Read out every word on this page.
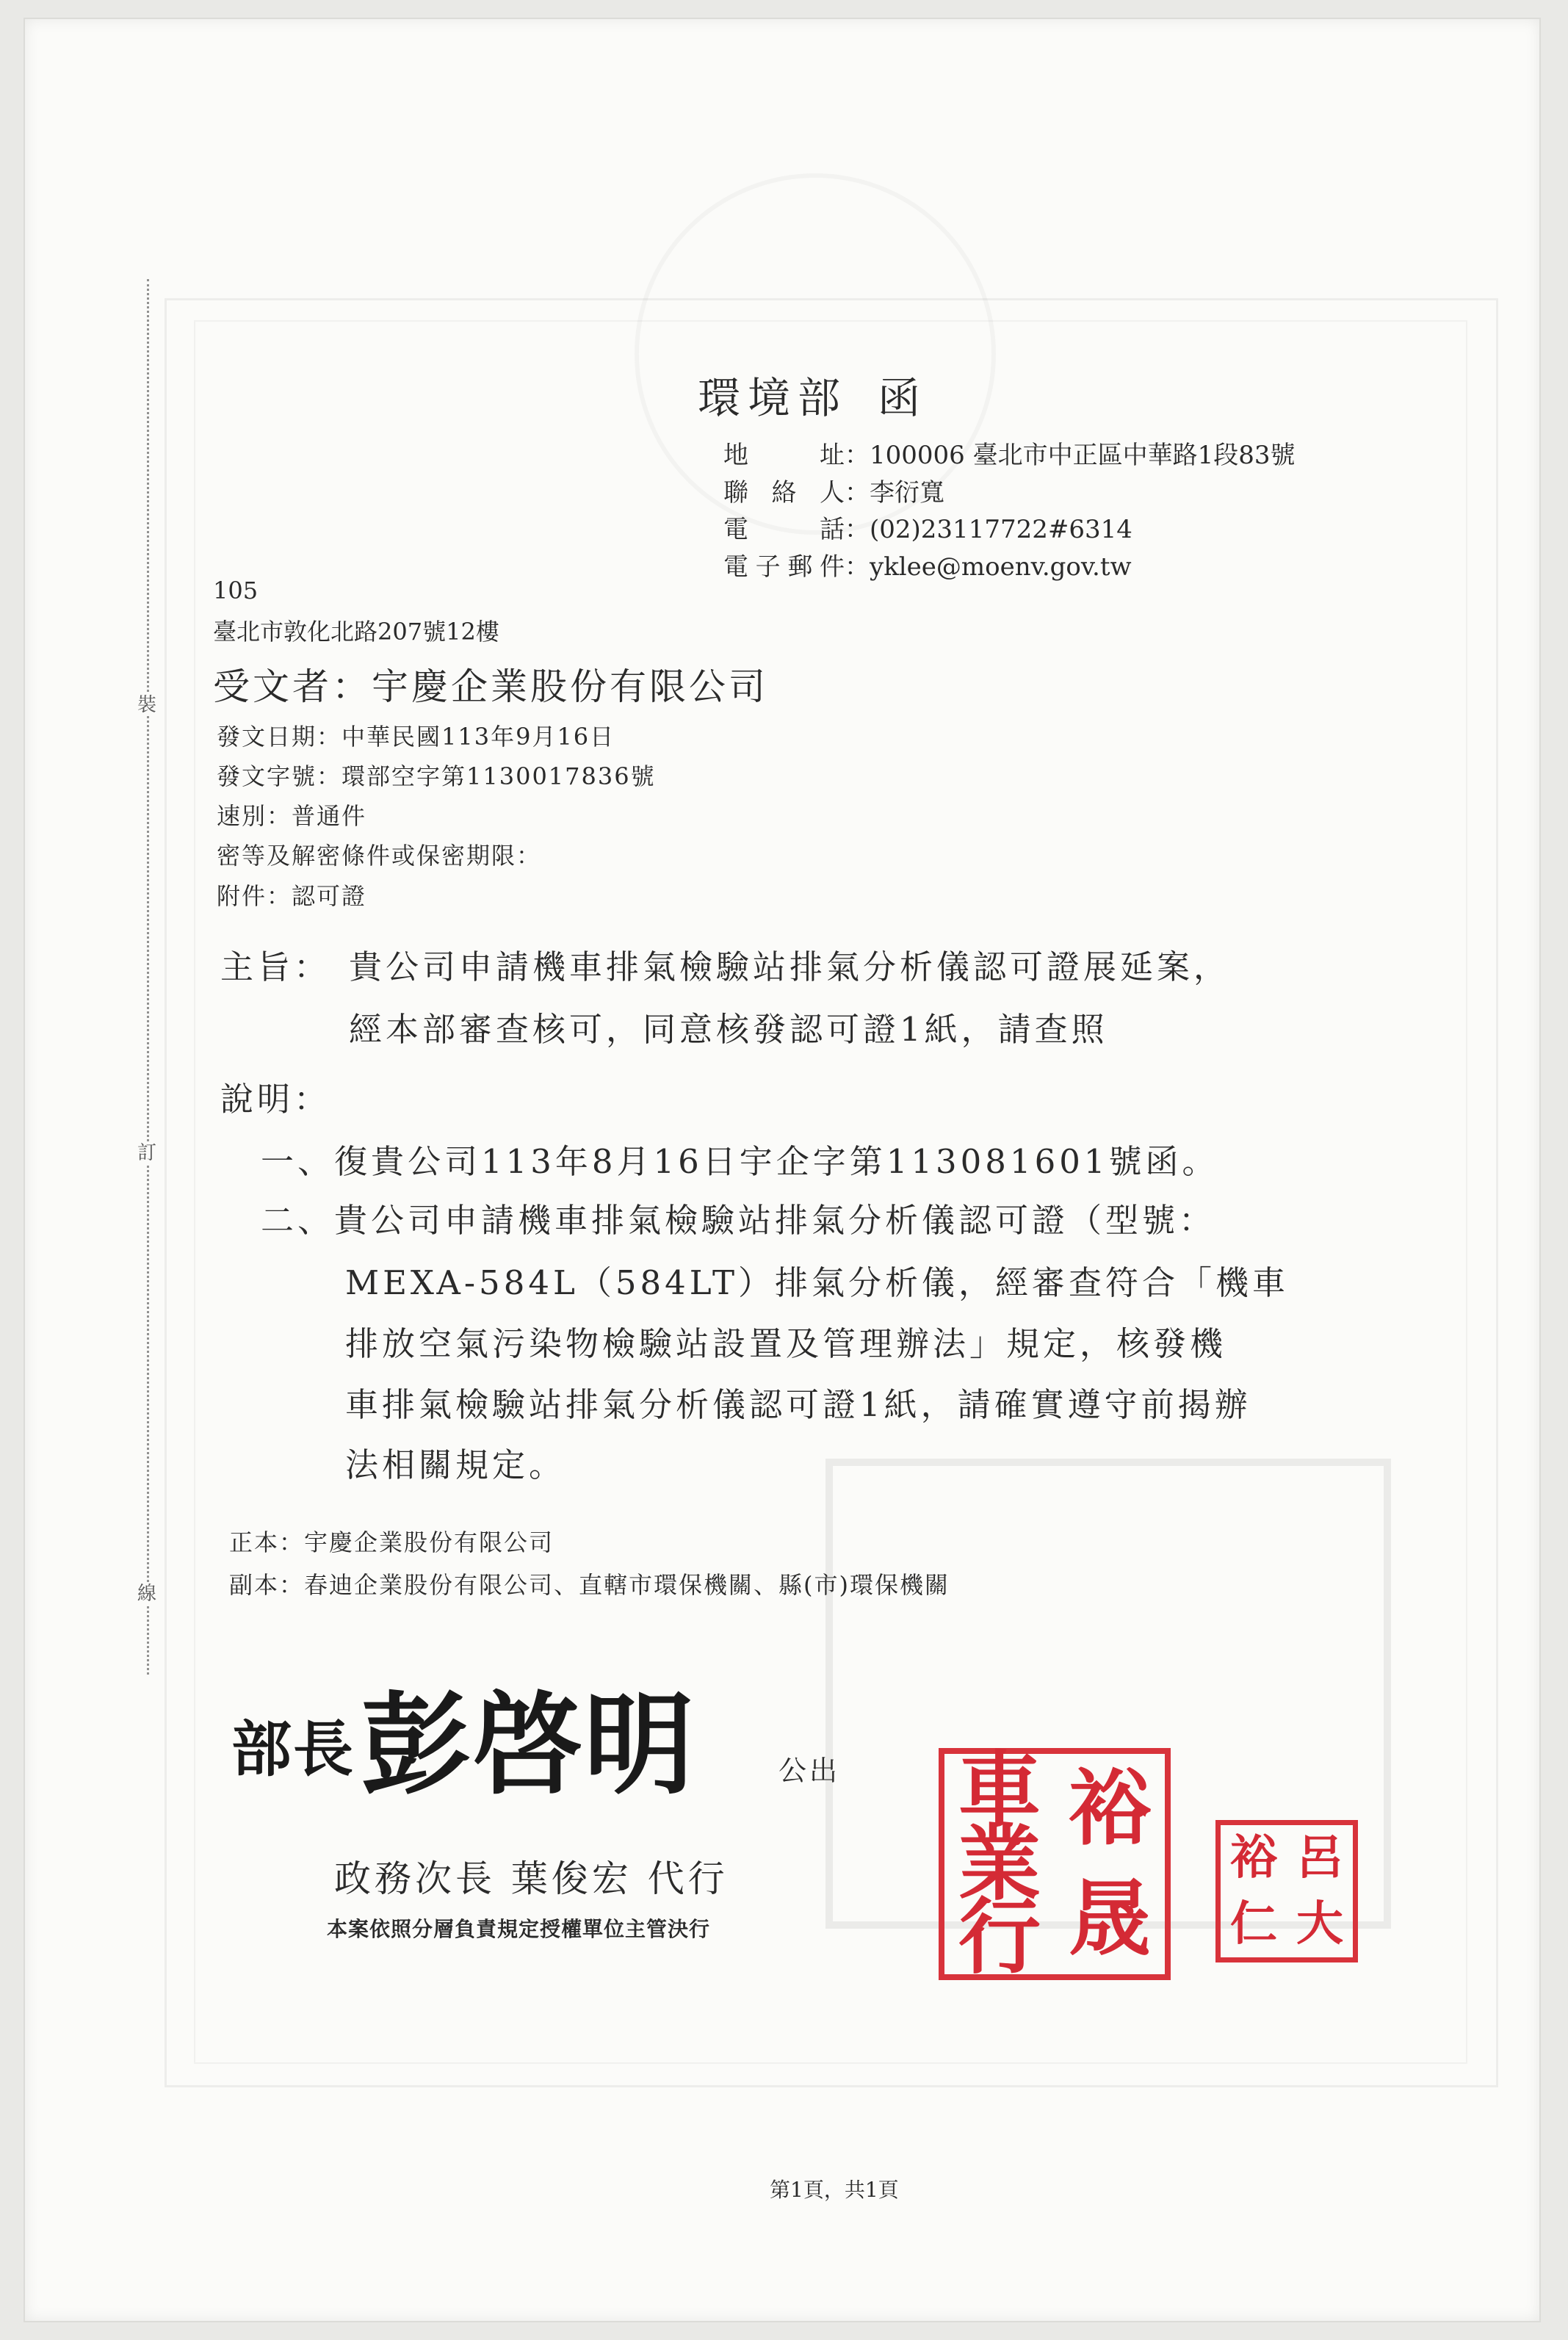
裝
訂
線
環境部 函
地址：100006 臺北市中正區中華路1段83號
聯絡人：李衍寬
電話：(02)23117722#6314
電子郵件：yklee@moenv.gov.tw
105
臺北市敦化北路207號12樓
受文者：宇慶企業股份有限公司
發文日期：中華民國113年9月16日
發文字號：環部空字第1130017836號
速別：普通件
密等及解密條件或保密期限：
附件：認可證
主旨： 貴公司申請機車排氣檢驗站排氣分析儀認可證展延案，
經本部審查核可，同意核發認可證1紙，請查照
說明：
一、復貴公司113年8月16日宇企字第113081601號函。
二、貴公司申請機車排氣檢驗站排氣分析儀認可證（型號：
MEXA-584L（584LT）排氣分析儀，經審查符合「機車
排放空氣污染物檢驗站設置及管理辦法」規定，核發機
車排氣檢驗站排氣分析儀認可證1紙，請確實遵守前揭辦
法相關規定。
正本：宇慶企業股份有限公司
副本：春迪企業股份有限公司、直轄市環保機關、縣(市)環保機關
部長彭啓明	公出
政務次長 葉俊宏 代行
本案依照分層負責規定授權單位主管決行
車
業
行
裕
晟
裕
仁
呂
大
第1頁，共1頁
